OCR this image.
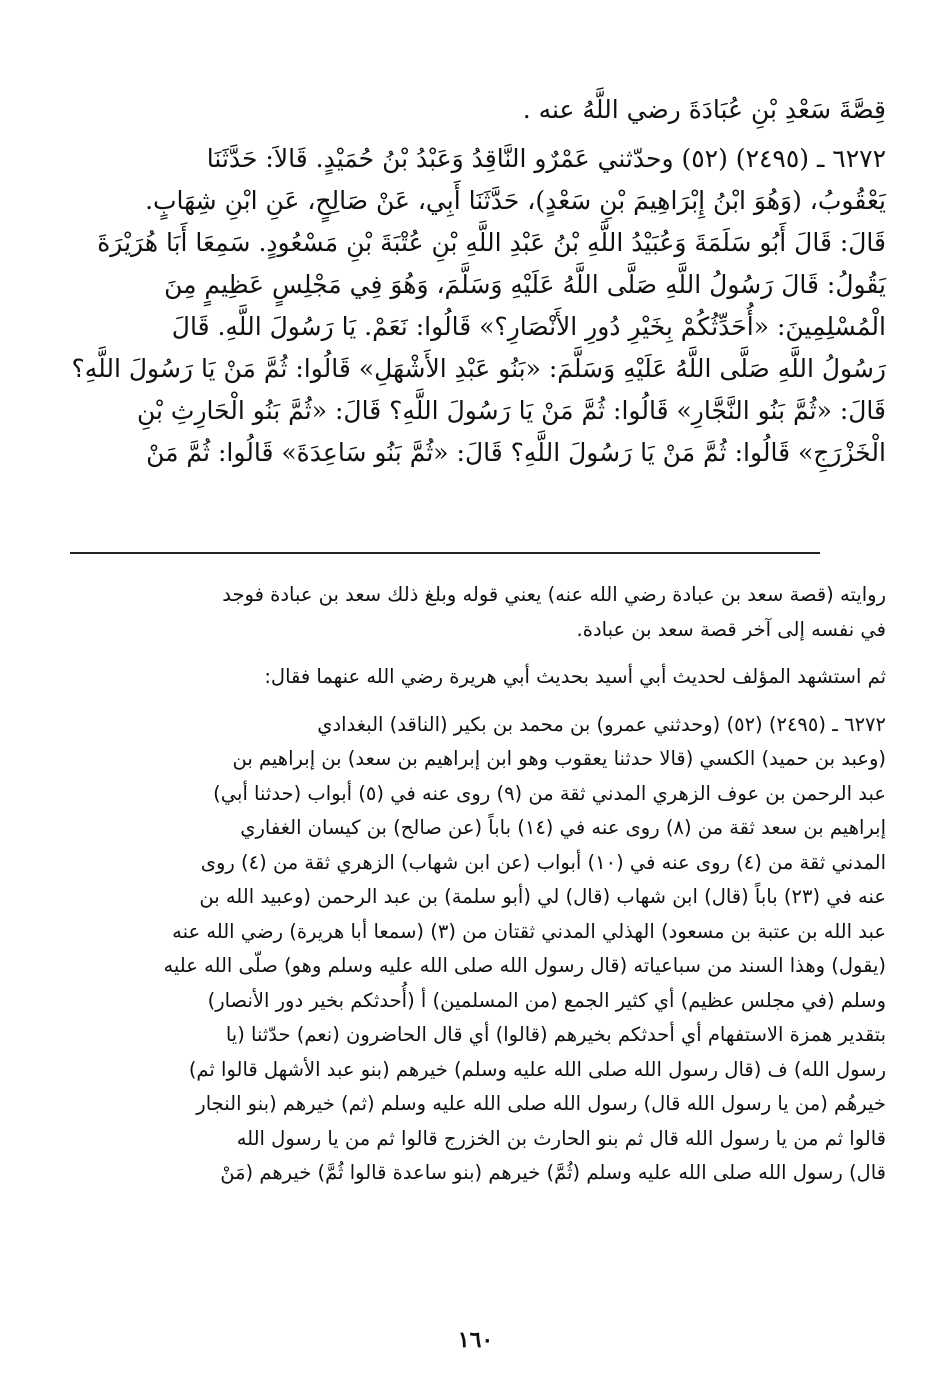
قِصَّةَ سَعْدِ بْنِ عُبَادَةَ رضي اللَّهُ عنه .

٦٢٧٢ ـ (٢٤٩٥) (٥٢) وحدّثني عَمْرٌو النَّاقِدُ وَعَبْدُ بْنُ حُمَيْدٍ. قَالاَ: حَدَّثَنَا

يَعْقُوبُ، (وَهُوَ ابْنُ إِبْرَاهِيمَ بْنِ سَعْدٍ)، حَدَّثَنَا أَبِي، عَنْ صَالِحٍ، عَنِ ابْنِ شِهَابٍ.

قَالَ: قَالَ أَبُو سَلَمَةَ وَعُبَيْدُ اللَّهِ بْنُ عَبْدِ اللَّهِ بْنِ عُتْبَةَ بْنِ مَسْعُودٍ. سَمِعَا أَبَا هُرَيْرَةَ

يَقُولُ: قَالَ رَسُولُ اللَّهِ صَلَّى اللَّهُ عَلَيْهِ وَسَلَّمَ، وَهُوَ فِي مَجْلِسٍ عَظِيمٍ مِنَ

الْمُسْلِمِينَ: «أُحَدِّثُكُمْ بِخَيْرِ دُورِ الأَنْصَارِ؟» قَالُوا: نَعَمْ. يَا رَسُولَ اللَّهِ. قَالَ

رَسُولُ اللَّهِ صَلَّى اللَّهُ عَلَيْهِ وَسَلَّمَ: «بَنُو عَبْدِ الأَشْهَلِ» قَالُوا: ثُمَّ مَنْ يَا رَسُولَ اللَّهِ؟

قَالَ: «ثُمَّ بَنُو النَّجَّارِ» قَالُوا: ثُمَّ مَنْ يَا رَسُولَ اللَّهِ؟ قَالَ: «ثُمَّ بَنُو الْحَارِثِ بْنِ

الْخَزْرَجِ» قَالُوا: ثُمَّ مَنْ يَا رَسُولَ اللَّهِ؟ قَالَ: «ثُمَّ بَنُو سَاعِدَةَ» قَالُوا: ثُمَّ مَنْ

روايته (قصة سعد بن عبادة رضي الله عنه) يعني قوله وبلغ ذلك سعد بن عبادة فوجد

في نفسه إلى آخر قصة سعد بن عبادة.

ثم استشهد المؤلف لحديث أبي أسيد بحديث أبي هريرة رضي الله عنهما فقال:

٦٢٧٢ ـ (٢٤٩٥) (٥٢) (وحدثني عمرو) بن محمد بن بكير (الناقد) البغدادي

(وعبد بن حميد) الكسي (قالا حدثنا يعقوب وهو ابن إبراهيم بن سعد) بن إبراهيم بن

عبد الرحمن بن عوف الزهري المدني ثقة من (٩) روى عنه في (٥) أبواب (حدثنا أبي)

إبراهيم بن سعد ثقة من (٨) روى عنه في (١٤) باباً (عن صالح) بن كيسان الغفاري

المدني ثقة من (٤) روى عنه في (١٠) أبواب (عن ابن شهاب) الزهري ثقة من (٤) روى

عنه في (٢٣) باباً (قال) ابن شهاب (قال) لي (أبو سلمة) بن عبد الرحمن (وعبيد الله بن

عبد الله بن عتبة بن مسعود) الهذلي المدني ثقتان من (٣) (سمعا أبا هريرة) رضي الله عنه

(يقول) وهذا السند من سباعياته (قال رسول الله صلى الله عليه وسلم وهو) صلّى الله عليه

وسلم (في مجلس عظيم) أي كثير الجمع (من المسلمين) أ (أُحدثكم بخير دور الأنصار)

بتقدير همزة الاستفهام أي أحدثكم بخيرهم (قالوا) أي قال الحاضرون (نعم) حدّثنا (يا

رسول الله) ف (قال رسول الله صلى الله عليه وسلم) خيرهم (بنو عبد الأشهل قالوا ثم)

خيرهُم (من يا رسول الله قال) رسول الله صلى الله عليه وسلم (ثم) خيرهم (بنو النجار

قالوا ثم من يا رسول الله قال ثم بنو الحارث بن الخزرج قالوا ثم من يا رسول الله

قال) رسول الله صلى الله عليه وسلم (ثُمَّ) خيرهم (بنو ساعدة قالوا ثُمَّ) خيرهم (مَنْ

١٦٠
